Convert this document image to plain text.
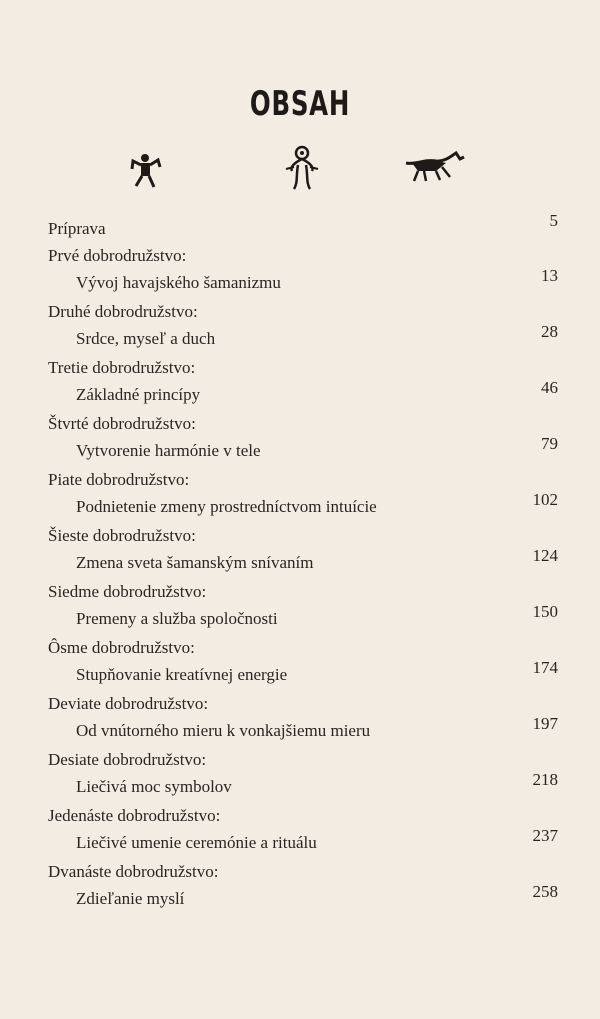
OBSAH
Príprava	5
Prvé dobrodružstvo:
Vývoj havajského šamanizmu	13
Druhé dobrodružstvo:
Srdce, myseľ a duch	28
Tretie dobrodružstvo:
Základné princípy	46
Štvrté dobrodružstvo:
Vytvorenie harmónie v tele	79
Piate dobrodružstvo:
Podnietenie zmeny prostredníctvom intuície	102
Šieste dobrodružstvo:
Zmena sveta šamanským snívaním	124
Siedme dobrodružstvo:
Premeny a služba spoločnosti	150
Ôsme dobrodružstvo:
Stupňovanie kreatívnej energie	174
Deviate dobrodružstvo:
Od vnútorného mieru k vonkajšiemu mieru	197
Desiate dobrodružstvo:
Liečivá moc symbolov	218
Jedenáste dobrodružstvo:
Liečivé umenie ceremónie a rituálu	237
Dvanáste dobrodružstvo:
Zdieľanie myslí	258
